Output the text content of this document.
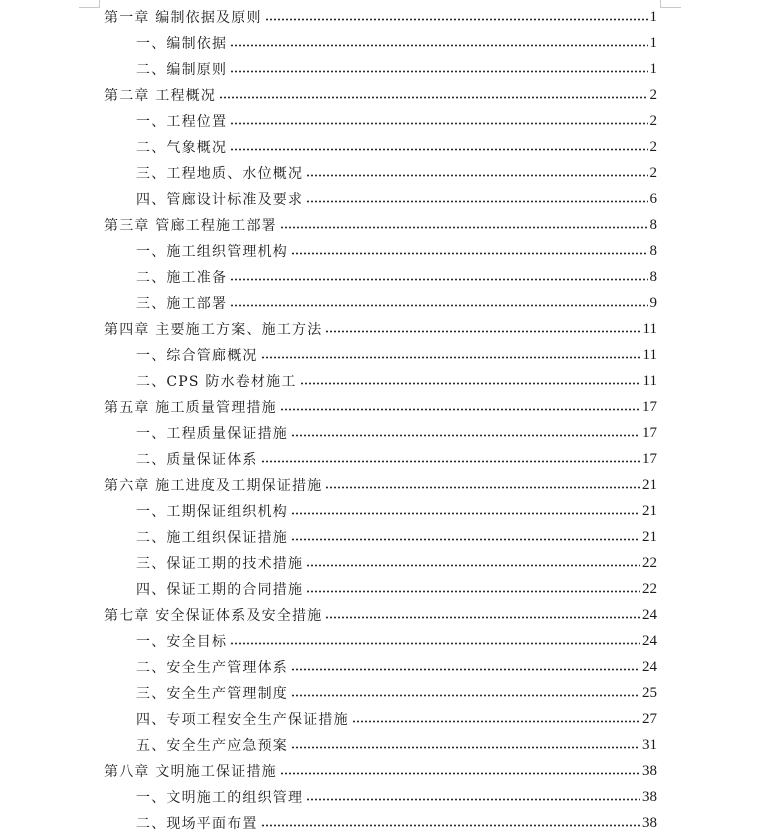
第一章 编制依据及原则	1
一、编制依据	1
二、编制原则	1
第二章 工程概况	2
一、工程位置	2
二、气象概况	2
三、工程地质、水位概况	2
四、管廊设计标准及要求	6
第三章 管廊工程施工部署	8
一、施工组织管理机构	8
二、施工准备	8
三、施工部署	9
第四章 主要施工方案、施工方法	11
一、综合管廊概况	11
二、CPS 防水卷材施工	11
第五章 施工质量管理措施	17
一、工程质量保证措施	17
二、质量保证体系	17
第六章 施工进度及工期保证措施	21
一、工期保证组织机构	21
二、施工组织保证措施	21
三、保证工期的技术措施	22
四、保证工期的合同措施	22
第七章 安全保证体系及安全措施	24
一、安全目标	24
二、安全生产管理体系	24
三、安全生产管理制度	25
四、专项工程安全生产保证措施	27
五、安全生产应急预案	31
第八章 文明施工保证措施	38
一、文明施工的组织管理	38
二、现场平面布置	38
